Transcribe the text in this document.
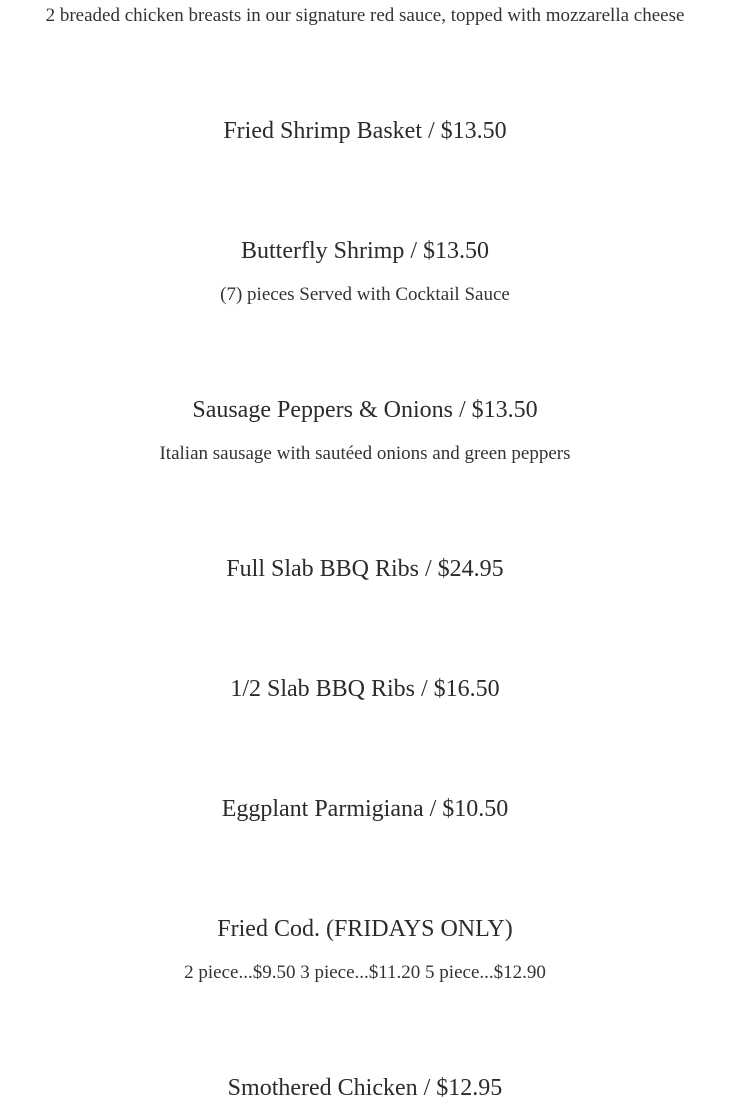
2 breaded chicken breasts in our signature red sauce, topped with mozzarella cheese
Fried Shrimp Basket / $13.50
Butterfly Shrimp / $13.50
(7) pieces Served with Cocktail Sauce
Sausage Peppers & Onions / $13.50
Italian sausage with sautéed onions and green peppers
Full Slab BBQ Ribs / $24.95
1/2 Slab BBQ Ribs / $16.50
Eggplant Parmigiana / $10.50
Fried Cod. (FRIDAYS ONLY)
2 piece...$9.50 3 piece...$11.20 5 piece...$12.90
Smothered Chicken / $12.95
